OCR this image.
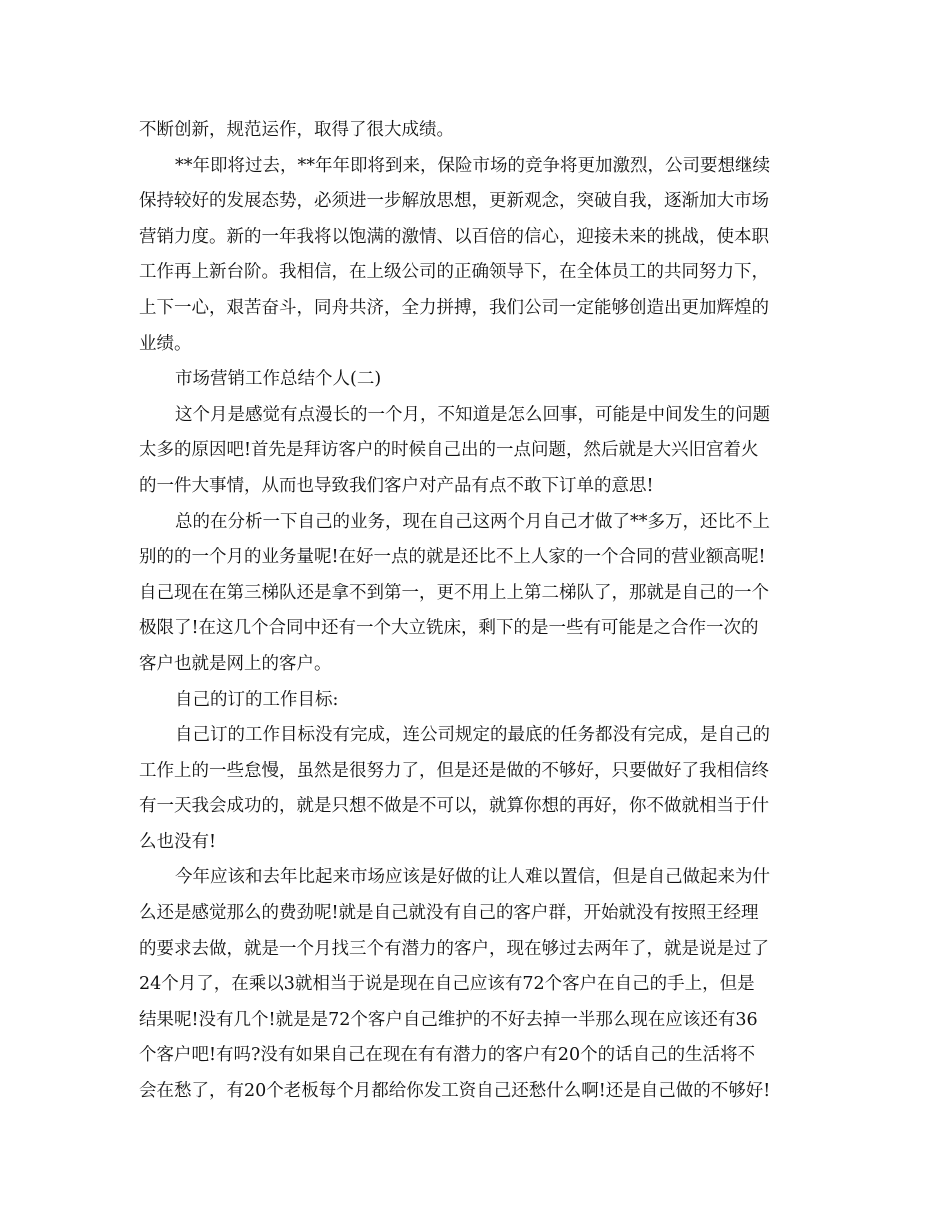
不断创新，规范运作，取得了很大成绩。
**年即将过去，**年年即将到来，保险市场的竞争将更加激烈，公司要想继续
保持较好的发展态势，必须进一步解放思想，更新观念，突破自我，逐渐加大市场
营销力度。新的一年我将以饱满的激情、以百倍的信心，迎接未来的挑战，使本职
工作再上新台阶。我相信，在上级公司的正确领导下，在全体员工的共同努力下，
上下一心，艰苦奋斗，同舟共济，全力拼搏，我们公司一定能够创造出更加辉煌的
业绩。
市场营销工作总结个人(二)
这个月是感觉有点漫长的一个月，不知道是怎么回事，可能是中间发生的问题
太多的原因吧!首先是拜访客户的时候自己出的一点问题，然后就是大兴旧宫着火
的一件大事情，从而也导致我们客户对产品有点不敢下订单的意思!
总的在分析一下自己的业务，现在自己这两个月自己才做了**多万，还比不上
别的的一个月的业务量呢!在好一点的就是还比不上人家的一个合同的营业额高呢!
自己现在在第三梯队还是拿不到第一，更不用上上第二梯队了，那就是自己的一个
极限了!在这几个合同中还有一个大立铣床，剩下的是一些有可能是之合作一次的
客户也就是网上的客户。
自己的订的工作目标:
自己订的工作目标没有完成，连公司规定的最底的任务都没有完成，是自己的
工作上的一些怠慢，虽然是很努力了，但是还是做的不够好，只要做好了我相信终
有一天我会成功的，就是只想不做是不可以，就算你想的再好，你不做就相当于什
么也没有!
今年应该和去年比起来市场应该是好做的让人难以置信，但是自己做起来为什
么还是感觉那么的费劲呢!就是自己就没有自己的客户群，开始就没有按照王经理
的要求去做，就是一个月找三个有潜力的客户，现在够过去两年了，就是说是过了
24个月了，在乘以3就相当于说是现在自己应该有72个客户在自己的手上，但是
结果呢!没有几个!就是是72个客户自己维护的不好去掉一半那么现在应该还有36
个客户吧!有吗?没有如果自己在现在有有潜力的客户有20个的话自己的生活将不
会在愁了，有20个老板每个月都给你发工资自己还愁什么啊!还是自己做的不够好!
